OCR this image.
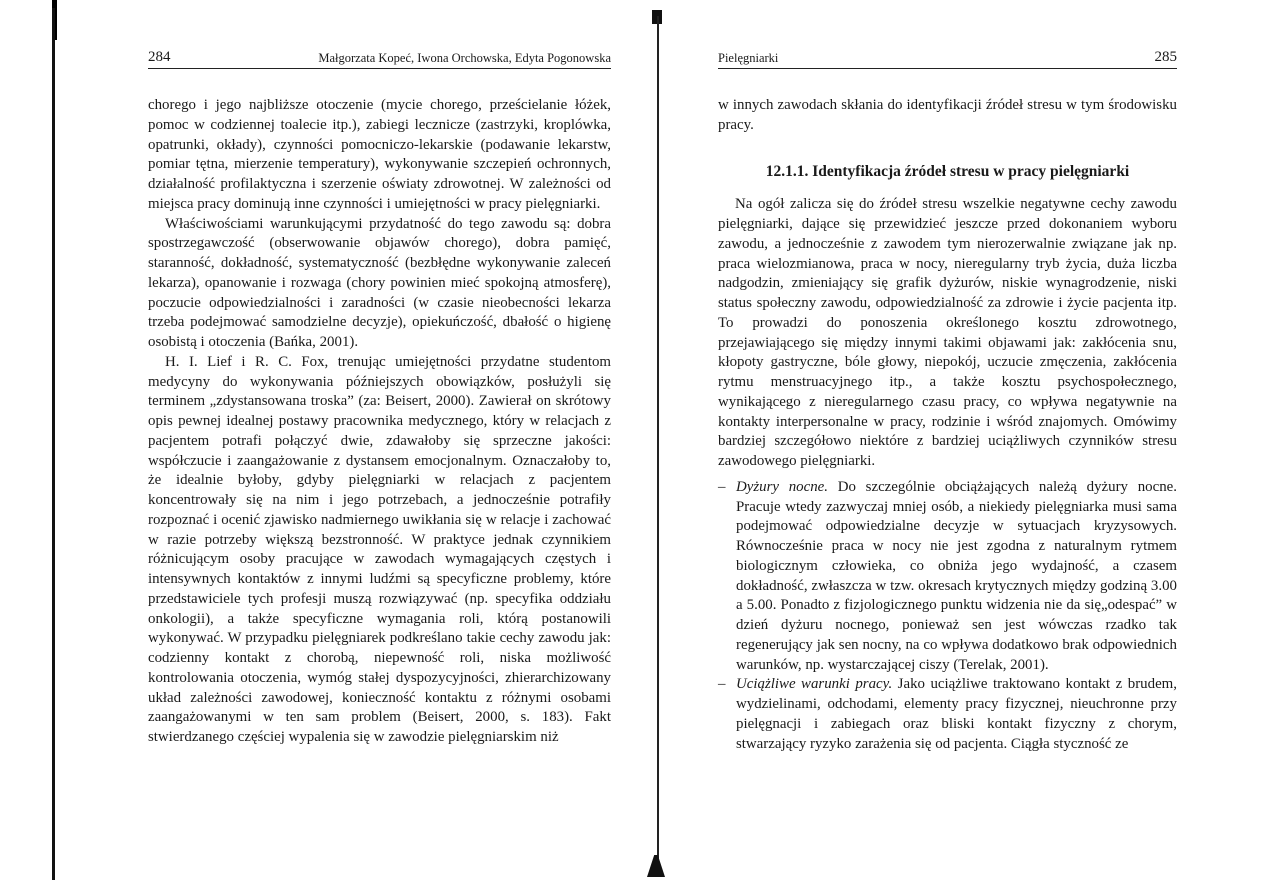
284	Małgorzata Kopeć, Iwona Orchowska, Edyta Pogonowska

chorego i jego najbliższe otoczenie (mycie chorego, prześcielanie łóżek, pomoc w codziennej toalecie itp.), zabiegi lecznicze (zastrzyki, kroplówka, opatrunki, okłady), czynności pomocniczo-lekarskie (podawanie lekarstw, pomiar tętna, mierzenie temperatury), wykonywanie szczepień ochronnych, działalność profilaktyczna i szerzenie oświaty zdrowotnej. W zależności od miejsca pracy dominują inne czynności i umiejętności w pracy pielęgniarki.

Właściwościami warunkującymi przydatność do tego zawodu są: dobra spostrzegawczość (obserwowanie objawów chorego), dobra pamięć, staranność, dokładność, systematyczność (bezbłędne wykonywanie zaleceń lekarza), opanowanie i rozwaga (chory powinien mieć spokojną atmosferę), poczucie odpowiedzialności i zaradności (w czasie nieobecności lekarza trzeba podejmować samodzielne decyzje), opiekuńczość, dbałość o higienę osobistą i otoczenia (Bańka, 2001).

H. I. Lief i R. C. Fox, trenując umiejętności przydatne studentom medycyny do wykonywania późniejszych obowiązków, posłużyli się terminem „zdystansowana troska” (za: Beisert, 2000). Zawierał on skrótowy opis pewnej idealnej postawy pracownika medycznego, który w relacjach z pacjentem potrafi połączyć dwie, zdawałoby się sprzeczne jakości: współczucie i zaangażowanie z dystansem emocjonalnym. Oznaczałoby to, że idealnie byłoby, gdyby pielęgniarki w relacjach z pacjentem koncentrowały się na nim i jego potrzebach, a jednocześnie potrafiły rozpoznać i ocenić zjawisko nadmiernego uwikłania się w relacje i zachować w razie potrzeby większą bezstronność. W praktyce jednak czynnikiem różnicującym osoby pracujące w zawodach wymagających częstych i intensywnych kontaktów z innymi ludźmi są specyficzne problemy, które przedstawiciele tych profesji muszą rozwiązywać (np. specyfika oddziału onkologii), a także specyficzne wymagania roli, którą postanowili wykonywać. W przypadku pielęgniarek podkreślano takie cechy zawodu jak: codzienny kontakt z chorobą, niepewność roli, niska możliwość kontrolowania otoczenia, wymóg stałej dyspozycyjności, zhierarchizowany układ zależności zawodowej, konieczność kontaktu z różnymi osobami zaangażowanymi w ten sam problem (Beisert, 2000, s. 183). Fakt stwierdzanego częściej wypalenia się w zawodzie pielęgniarskim niż

Pielęgniarki	285

w innych zawodach skłania do identyfikacji źródeł stresu w tym środowisku pracy.

12.1.1. Identyfikacja źródeł stresu w pracy pielęgniarki

Na ogół zalicza się do źródeł stresu wszelkie negatywne cechy zawodu pielęgniarki, dające się przewidzieć jeszcze przed dokonaniem wyboru zawodu, a jednocześnie z zawodem tym nierozerwalnie związane jak np. praca wielozmianowa, praca w nocy, nieregularny tryb życia, duża liczba nadgodzin, zmieniający się grafik dyżurów, niskie wynagrodzenie, niski status społeczny zawodu, odpowiedzialność za zdrowie i życie pacjenta itp. To prowadzi do ponoszenia określonego kosztu zdrowotnego, przejawiającego się między innymi takimi objawami jak: zakłócenia snu, kłopoty gastryczne, bóle głowy, niepokój, uczucie zmęczenia, zakłócenia rytmu menstruacyjnego itp., a także kosztu psychospołecznego, wynikającego z nieregularnego czasu pracy, co wpływa negatywnie na kontakty interpersonalne w pracy, rodzinie i wśród znajomych. Omówimy bardziej szczegółowo niektóre z bardziej uciążliwych czynników stresu zawodowego pielęgniarki.

– Dyżury nocne. Do szczególnie obciążających należą dyżury nocne. Pracuje wtedy zazwyczaj mniej osób, a niekiedy pielęgniarka musi sama podejmować odpowiedzialne decyzje w sytuacjach kryzysowych. Równocześnie praca w nocy nie jest zgodna z naturalnym rytmem biologicznym człowieka, co obniża jego wydajność, a czasem dokładność, zwłaszcza w tzw. okresach krytycznych między godziną 3.00 a 5.00. Ponadto z fizjologicznego punktu widzenia nie da się„odespać” w dzień dyżuru nocnego, ponieważ sen jest wówczas rzadko tak regenerujący jak sen nocny, na co wpływa dodatkowo brak odpowiednich warunków, np. wystarczającej ciszy (Terelak, 2001).
– Uciążliwe warunki pracy. Jako uciążliwe traktowano kontakt z brudem, wydzielinami, odchodami, elementy pracy fizycznej, nieuchronne przy pielęgnacji i zabiegach oraz bliski kontakt fizyczny z chorym, stwarzający ryzyko zarażenia się od pacjenta. Ciągła styczność ze
